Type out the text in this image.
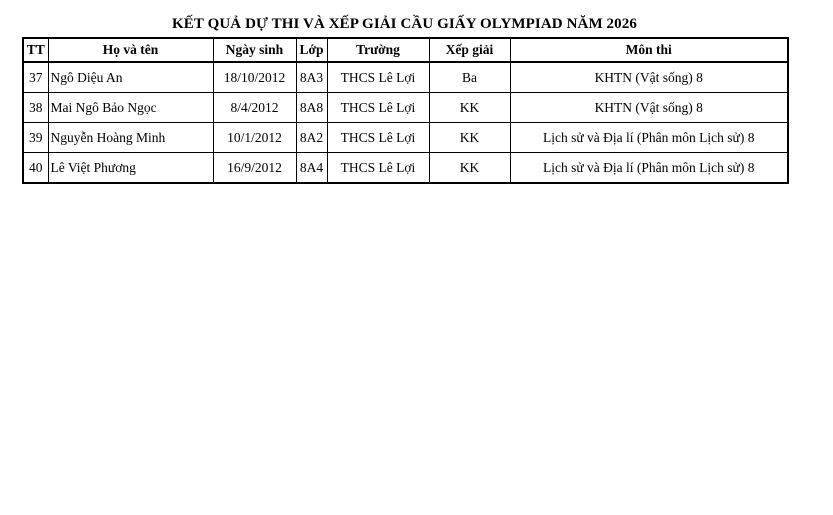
KẾT QUẢ DỰ THI VÀ XẾP GIẢI CẦU GIẤY OLYMPIAD NĂM 2026
TT	Họ và tên	Ngày sinh	Lớp	Trường	Xếp giải	Môn thi
37	Ngô Diệu An	18/10/2012	8A3	THCS Lê Lợi	Ba	KHTN (Vật sống) 8
38	Mai Ngô Bảo Ngọc	8/4/2012	8A8	THCS Lê Lợi	KK	KHTN (Vật sống) 8
39	Nguyễn Hoàng Minh	10/1/2012	8A2	THCS Lê Lợi	KK	Lịch sử và Địa lí (Phân môn Lịch sử) 8
40	Lê Việt Phương	16/9/2012	8A4	THCS Lê Lợi	KK	Lịch sử và Địa lí (Phân môn Lịch sử) 8
